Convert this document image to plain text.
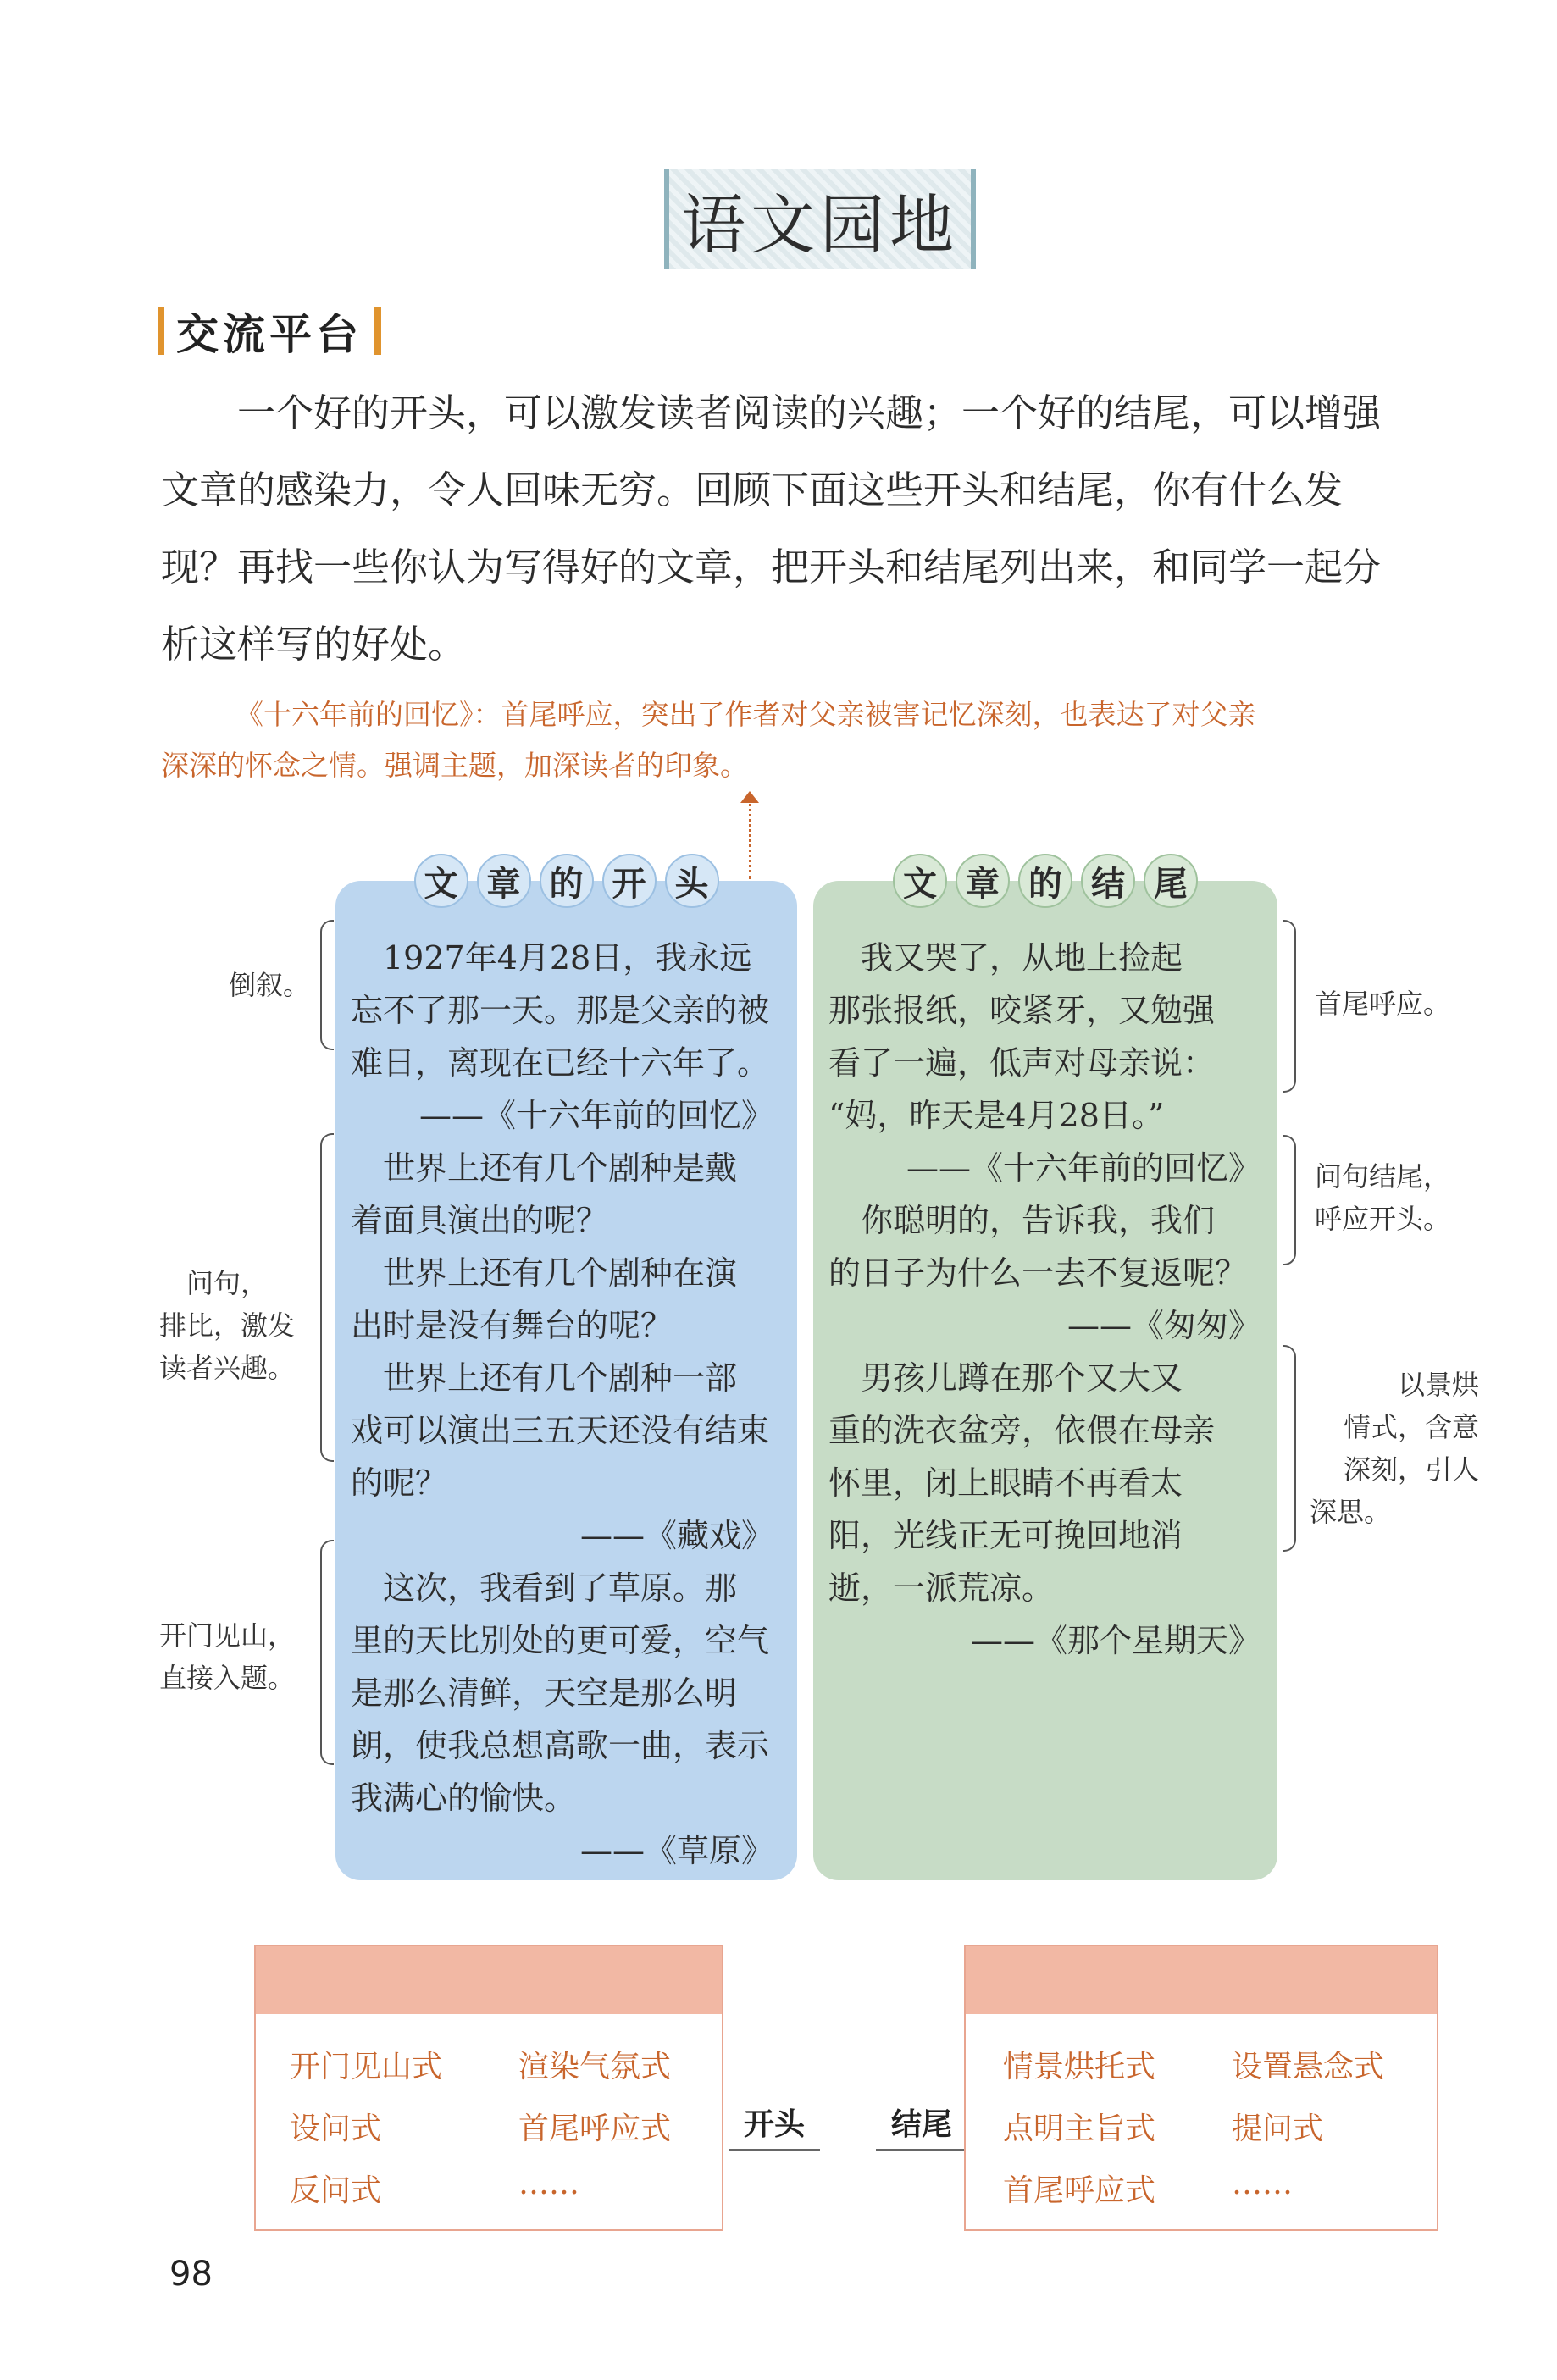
语文园地
交流平台
一个好的开头，可以激发读者阅读的兴趣；一个好的结尾，可以增强
文章的感染力，令人回味无穷。回顾下面这些开头和结尾，你有什么发
现？再找一些你认为写得好的文章，把开头和结尾列出来，和同学一起分
析这样写的好处。
《十六年前的回忆》：首尾呼应，突出了作者对父亲被害记忆深刻，也表达了对父亲
深深的怀念之情。强调主题，加深读者的印象。
文 章 的 开 头
　1927年4月28日，我永远
忘不了那一天。那是父亲的被
难日，离现在已经十六年了。
——《十六年前的回忆》
　世界上还有几个剧种是戴
着面具演出的呢？
　世界上还有几个剧种在演
出时是没有舞台的呢？
　世界上还有几个剧种一部
戏可以演出三五天还没有结束
的呢？
——《藏戏》
　这次，我看到了草原。那
里的天比别处的更可爱，空气
是那么清鲜，天空是那么明
朗，使我总想高歌一曲，表示
我满心的愉快。
——《草原》
文 章 的 结 尾
　我又哭了，从地上捡起
那张报纸，咬紧牙，又勉强
看了一遍，低声对母亲说：
“妈，昨天是4月28日。”
——《十六年前的回忆》
　你聪明的，告诉我，我们
的日子为什么一去不复返呢？
——《匆匆》
　男孩儿蹲在那个又大又
重的洗衣盆旁，依偎在母亲
怀里，闭上眼睛不再看太
阳，光线正无可挽回地消
逝，一派荒凉。
——《那个星期天》
倒叙。
问句，
排比，激发
读者兴趣。
开门见山，
直接入题。
首尾呼应。
问句结尾，
呼应开头。
以景烘
情式，含意
深刻，引人
深思。
开门见山式	渲染气氛式
设问式	首尾呼应式
反问式	……
开头	结尾
情景烘托式	设置悬念式
点明主旨式	提问式
首尾呼应式	……
98
